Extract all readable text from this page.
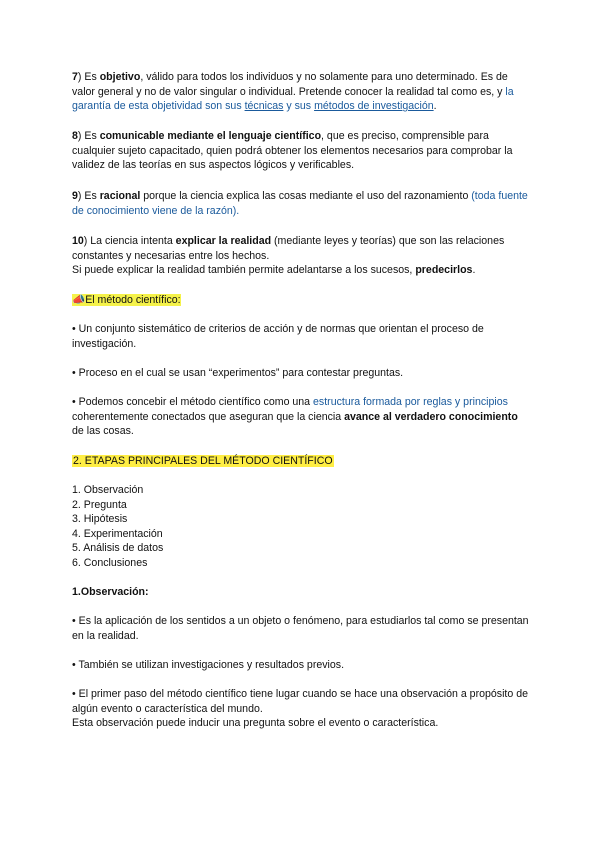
7) Es objetivo, válido para todos los individuos y no solamente para uno determinado. Es de valor general y no de valor singular o individual. Pretende conocer la realidad tal como es, y la garantía de esta objetividad son sus técnicas y sus métodos de investigación.

8) Es comunicable mediante el lenguaje científico, que es preciso, comprensible para cualquier sujeto capacitado, quien podrá obtener los elementos necesarios para comprobar la validez de las teorías en sus aspectos lógicos y verificables.

9) Es racional porque la ciencia explica las cosas mediante el uso del razonamiento (toda fuente de conocimiento viene de la razón).

10) La ciencia intenta explicar la realidad (mediante leyes y teorías) que son las relaciones constantes y necesarias entre los hechos.
Si puede explicar la realidad también permite adelantarse a los sucesos, predecirlos.

📣El método científico:

• Un conjunto sistemático de criterios de acción y de normas que orientan el proceso de investigación.

• Proceso en el cual se usan “experimentos” para contestar preguntas.

• Podemos concebir el método científico como una estructura formada por reglas y principios coherentemente conectados que aseguran que la ciencia avance al verdadero conocimiento de las cosas.

2. ETAPAS PRINCIPALES DEL MÉTODO CIENTÍFICO

1. Observación
2. Pregunta
3. Hipótesis
4. Experimentación
5. Análisis de datos
6. Conclusiones

1.Observación:

• Es la aplicación de los sentidos a un objeto o fenómeno, para estudiarlos tal como se presentan en la realidad.

• También se utilizan investigaciones y resultados previos.

• El primer paso del método científico tiene lugar cuando se hace una observación a propósito de algún evento o característica del mundo.
Esta observación puede inducir una pregunta sobre el evento o característica.
